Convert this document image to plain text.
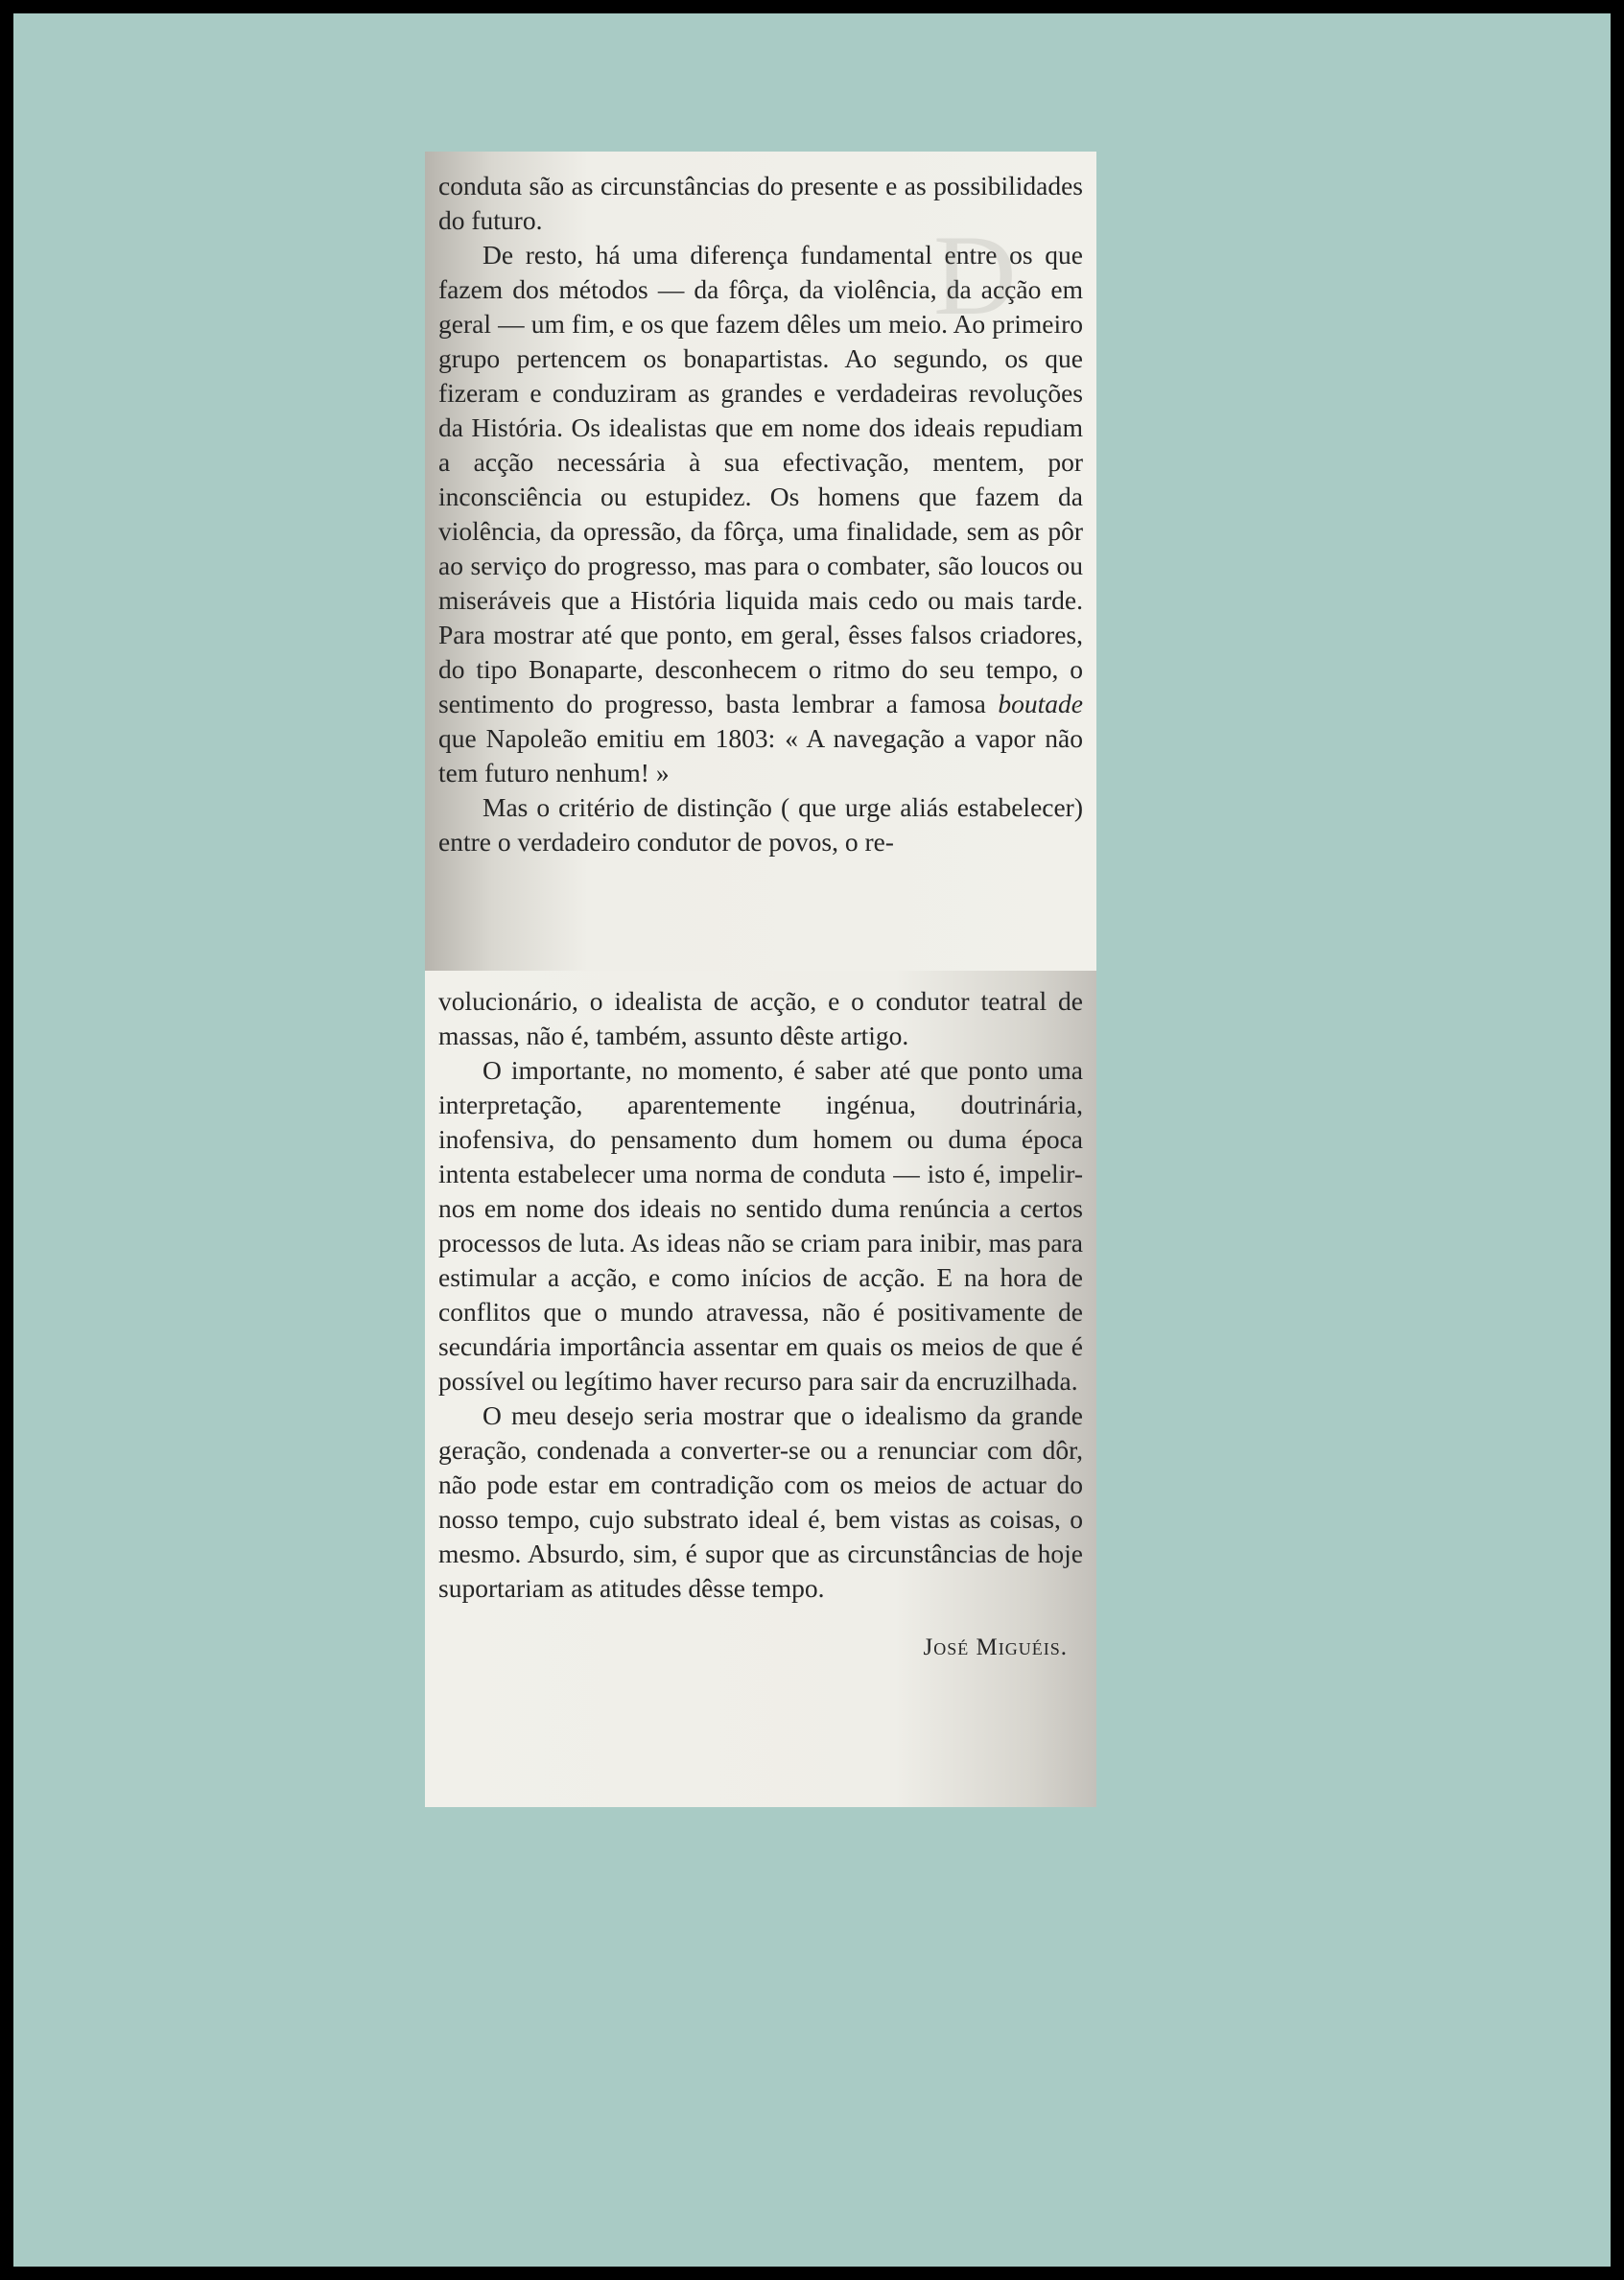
D

conduta são as circunstâncias do presente e as possibilidades do futuro.

De resto, há uma diferença fundamental entre os que fazem dos métodos — da fôrça, da violência, da acção em geral — um fim, e os que fazem dêles um meio. Ao primeiro grupo pertencem os bonapartistas. Ao segundo, os que fizeram e conduziram as grandes e verdadeiras revoluções da História. Os idealistas que em nome dos ideais repudiam a acção necessária à sua efectivação, mentem, por inconsciência ou estupidez. Os homens que fazem da violência, da opressão, da fôrça, uma finalidade, sem as pôr ao serviço do progresso, mas para o combater, são loucos ou miseráveis que a História liquida mais cedo ou mais tarde. Para mostrar até que ponto, em geral, êsses falsos criadores, do tipo Bonaparte, desconhecem o ritmo do seu tempo, o sentimento do progresso, basta lembrar a famosa boutade que Napoleão emitiu em 1803: « A navegação a vapor não tem futuro nenhum! »

Mas o critério de distinção ( que urge aliás estabelecer) entre o verdadeiro condutor de povos, o re-

volucionário, o idealista de acção, e o condutor teatral de massas, não é, também, assunto dêste artigo.

O importante, no momento, é saber até que ponto uma interpretação, aparentemente ingénua, doutrinária, inofensiva, do pensamento dum homem ou duma época intenta estabelecer uma norma de conduta — isto é, impelir-nos em nome dos ideais no sentido duma renúncia a certos processos de luta. As ideas não se criam para inibir, mas para estimular a acção, e como inícios de acção. E na hora de conflitos que o mundo atravessa, não é positivamente de secundária importância assentar em quais os meios de que é possível ou legítimo haver recurso para sair da encruzilhada.

O meu desejo seria mostrar que o idealismo da grande geração, condenada a converter-se ou a renunciar com dôr, não pode estar em contradição com os meios de actuar do nosso tempo, cujo substrato ideal é, bem vistas as coisas, o mesmo. Absurdo, sim, é supor que as circunstâncias de hoje suportariam as atitudes dêsse tempo.

José Miguéis.
